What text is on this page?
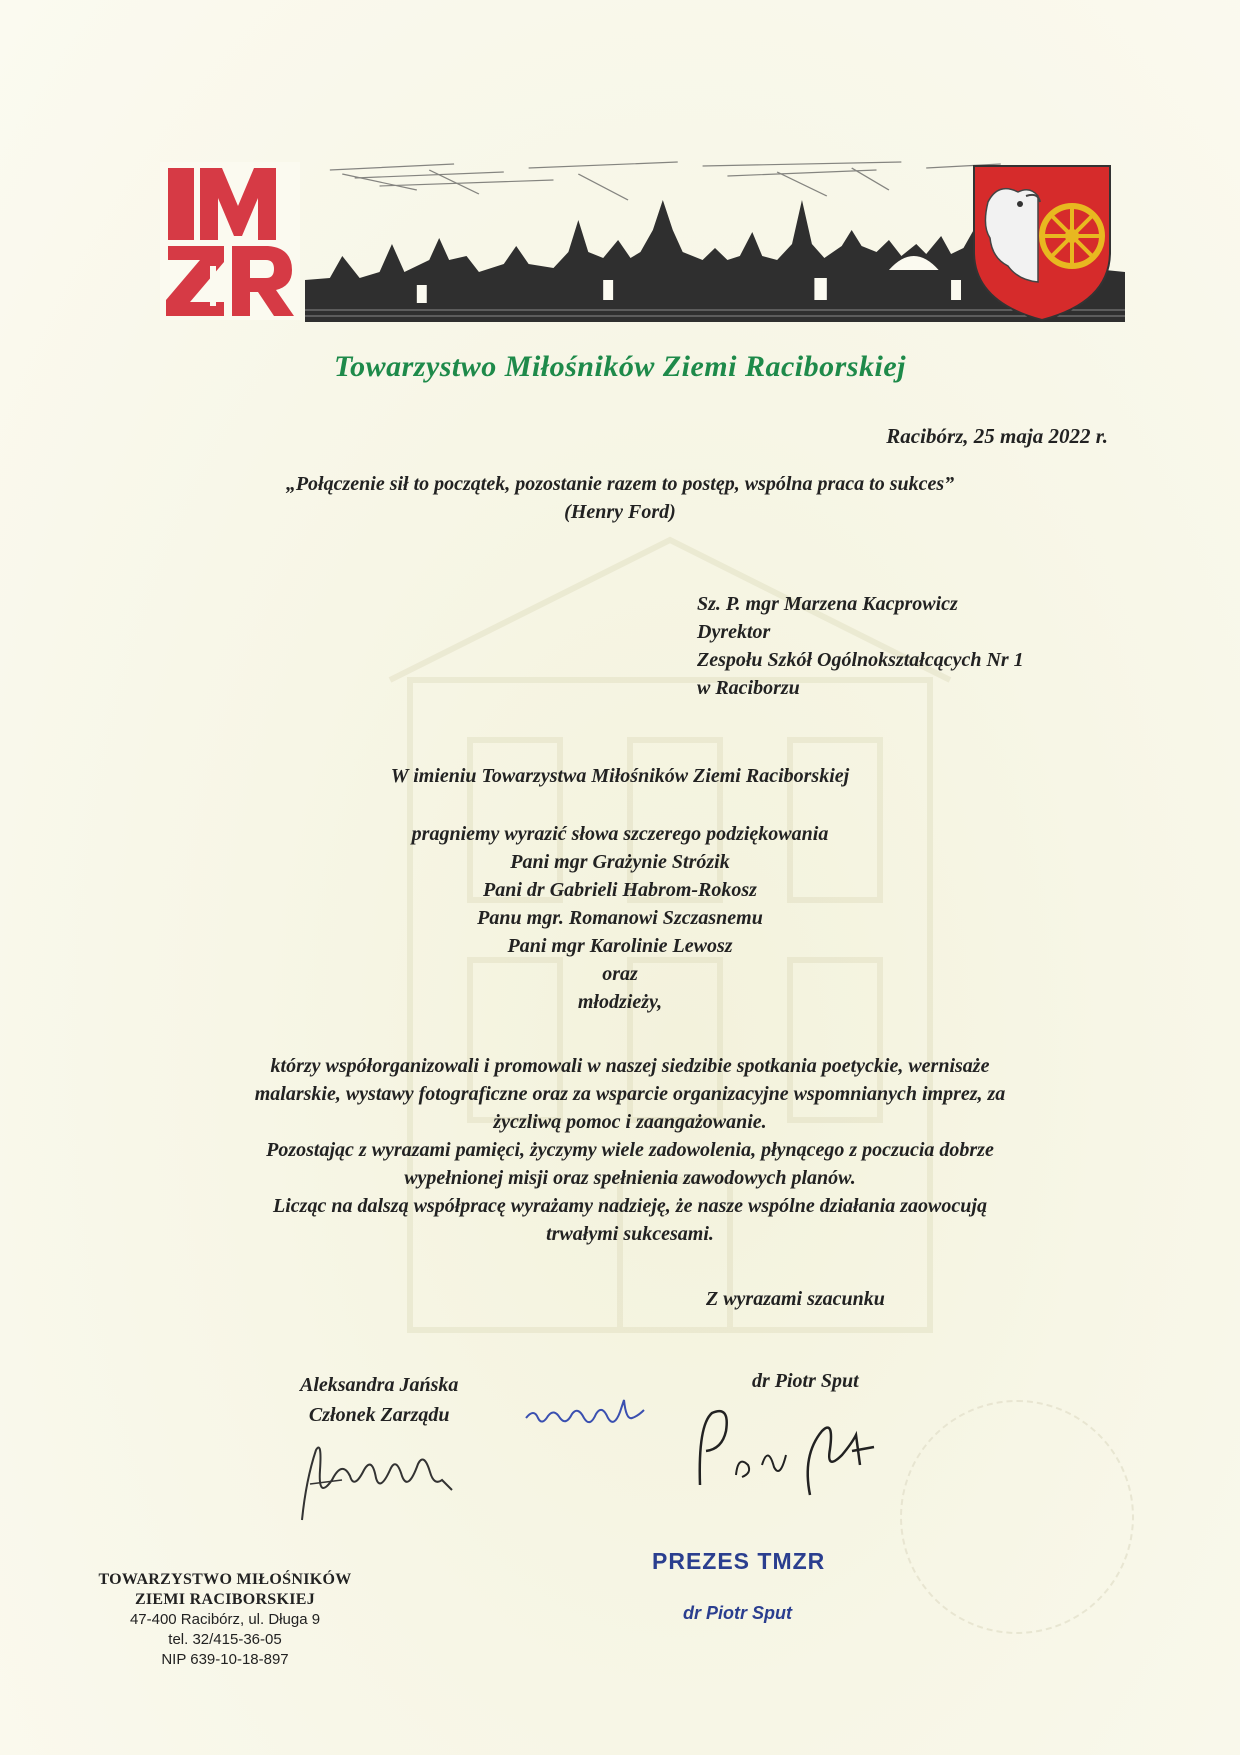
Towarzystwo Miłośników Ziemi Raciborskiej
Racibórz, 25 maja 2022 r.
„Połączenie sił to początek, pozostanie razem to postęp, wspólna praca to sukces”
(Henry Ford)
Sz. P. mgr Marzena Kacprowicz
Dyrektor
Zespołu Szkół Ogólnokształcących Nr 1
w Raciborzu
W imieniu Towarzystwa Miłośników Ziemi Raciborskiej
pragniemy wyrazić słowa szczerego podziękowania
Pani mgr Grażynie Strózik
Pani dr Gabrieli Habrom-Rokosz
Panu mgr. Romanowi Szczasnemu
Pani mgr Karolinie Lewosz
oraz
młodzieży,
którzy współorganizowali i promowali w naszej siedzibie spotkania poetyckie, wernisaże
malarskie, wystawy fotograficzne oraz za wsparcie organizacyjne wspomnianych imprez, za
życzliwą pomoc i zaangażowanie.
Pozostając z wyrazami pamięci, życzymy wiele zadowolenia, płynącego z poczucia dobrze
wypełnionej misji oraz spełnienia zawodowych planów.
Licząc na dalszą współpracę wyrażamy nadzieję, że nasze wspólne działania zaowocują
trwałymi sukcesami.
Z wyrazami szacunku
Aleksandra Jańska
Członek Zarządu
dr Piotr Sput
PREZES TMZR
dr Piotr Sput
TOWARZYSTWO MIŁOŚNIKÓW
ZIEMI RACIBORSKIEJ
47-400 Racibórz, ul. Długa 9
tel. 32/415-36-05
NIP 639-10-18-897
